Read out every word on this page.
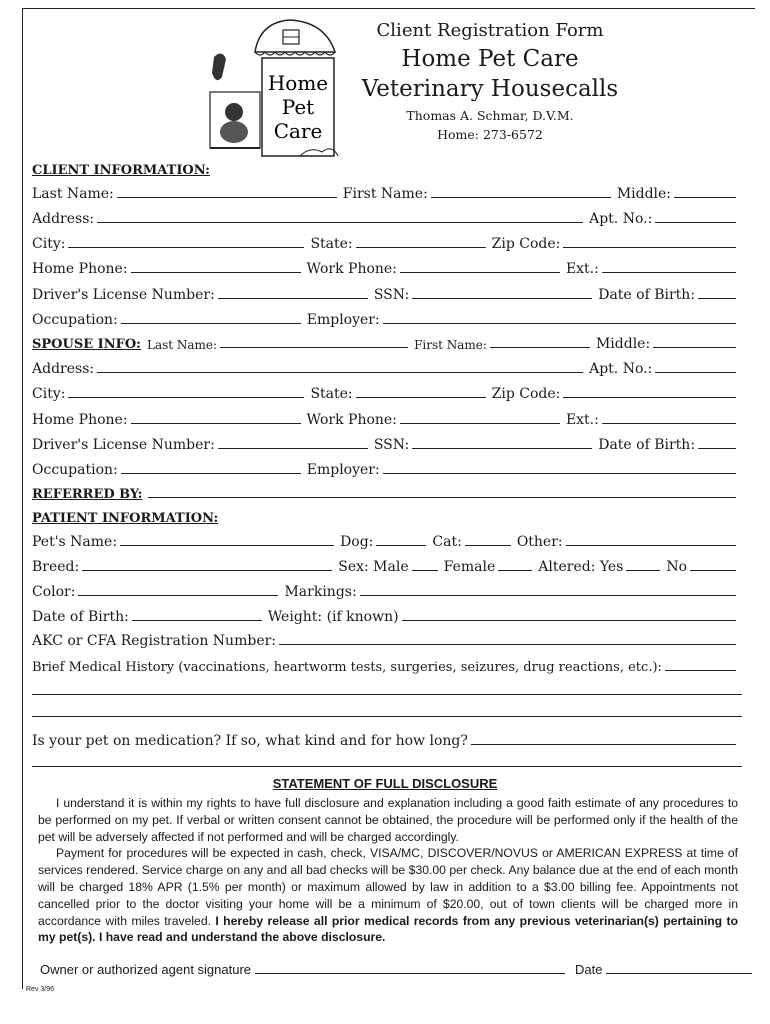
Home
Pet
Care
Client Registration Form
Home Pet Care
Veterinary Housecalls
Thomas A. Schmar, D.V.M.
Home: 273-6572
CLIENT INFORMATION:
Last Name:	First Name:	Middle:
Address:	Apt. No.:
City:	State:	Zip Code:
Home Phone:	Work Phone:	Ext.:
Driver's License Number:	SSN:	Date of Birth:
Occupation:	Employer:
SPOUSE INFO: Last Name:	First Name:	Middle:
Address:	Apt. No.:
City:	State:	Zip Code:
Home Phone:	Work Phone:	Ext.:
Driver's License Number:	SSN:	Date of Birth:
Occupation:	Employer:
REFERRED BY:
PATIENT INFORMATION:
Pet's Name:	Dog:	Cat:	Other:
Breed:	Sex: Male	Female	Altered: Yes	No
Color:	Markings:
Date of Birth:	Weight: (if known)
AKC or CFA Registration Number:
Brief Medical History (vaccinations, heartworm tests, surgeries, seizures, drug reactions, etc.):
Is your pet on medication? If so, what kind and for how long?
STATEMENT OF FULL DISCLOSURE

I understand it is within my rights to have full disclosure and explanation including a good faith estimate of any procedures to be performed on my pet. If verbal or written consent cannot be obtained, the procedure will be performed only if the health of the pet will be adversely affected if not performed and will be charged accordingly.

Payment for procedures will be expected in cash, check, VISA/MC, DISCOVER/NOVUS or AMERICAN EXPRESS at time of services rendered. Service charge on any and all bad checks will be $30.00 per check. Any balance due at the end of each month will be charged 18% APR (1.5% per month) or maximum allowed by law in addition to a $3.00 billing fee. Appointments not cancelled prior to the doctor visiting your home will be a minimum of $20.00, out of town clients will be charged more in accordance with miles traveled. I hereby release all prior medical records from any previous veterinarian(s) pertaining to my pet(s). I have read and understand the above disclosure.

Owner or authorized agent signature	Date
Rev 3/96
